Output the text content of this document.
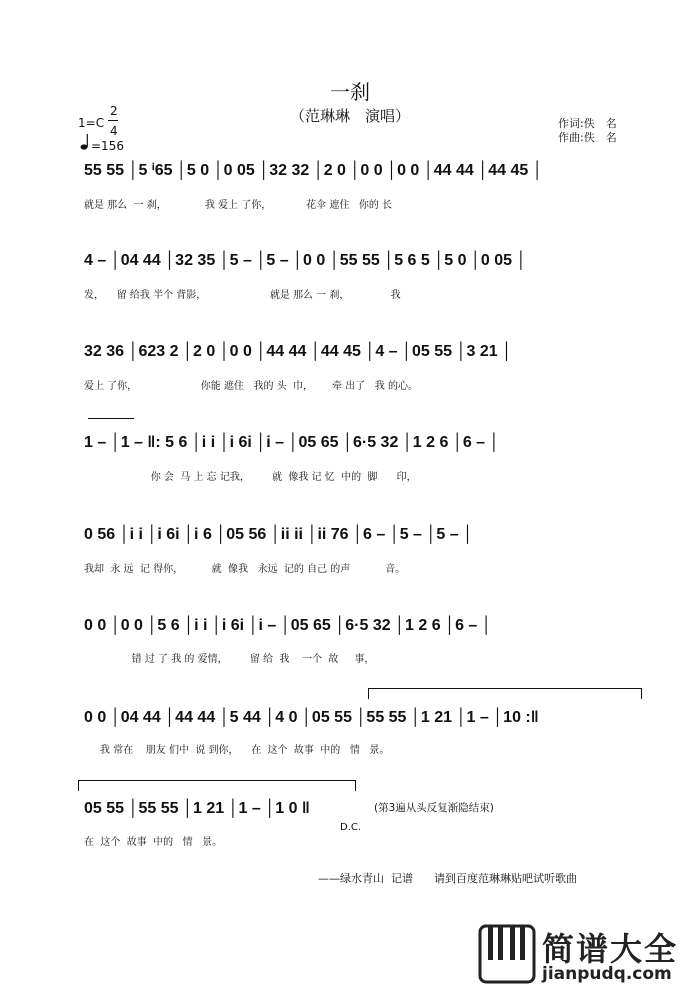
一刹
（范琳琳　演唱）	作词:佚　名
作曲:佚　名
1=C
2
4
=156
55 55 │5 ⁱ65 │5 0 │0 05 │32 32 │2 0 │0 0 │0 0 │44 44 │44 45 │
就是 那么  一 刹，            我 爱上 了你，           花伞 遮住   你的 长
4 – │04 44 │32 35 │5 – │5 – │0 0 │55 55 │5 6 5 │5 0 │0 05 │
发，    留 给我 半个 背影，                    就是 那么 一 刹，             我
32 36 │623 2 │2 0 │0 0 │44 44 │44 45 │4 – │05 55 │3 21 │
爱上 了你，                    你能 遮住   我的 头  巾，      牵 出了   我 的心。
1 – │1 – ‖: 5 6 │i i │i 6i │i – │05 65 │6·5 32 │1 2 6 │6 – │
你 会  马 上 忘 记我，       就  像我 记 忆  中的  脚      印，
0 56 │i i │i 6i │i 6 │05 56 │ii ii │ii 76 │6 – │5 – │5 – │
我却  永 远  记 得你，         就  像我   永远  记的 自己 的声           音。
0 0 │0 0 │5 6 │i i │i 6i │i – │05 65 │6·5 32 │1 2 6 │6 – │
错 过 了 我 的 爱情，       留 给  我    一个  故     事，
0 0 │04 44 │44 44 │5 44 │4 0 │05 55 │55 55 │1 21 │1 – │10 :‖
我 常在    朋友 们中  说 到你，    在  这个  故事  中的   情   景。
05 55 │55 55 │1 21 │1 – │1 0 ‖
在  这个  故事  中的   情   景。
(第3遍从头反复渐隐结束)
D.C.
——绿水青山  记谱      请到百度范琳琳贴吧试听歌曲
简谱大全
jianpudq.com
